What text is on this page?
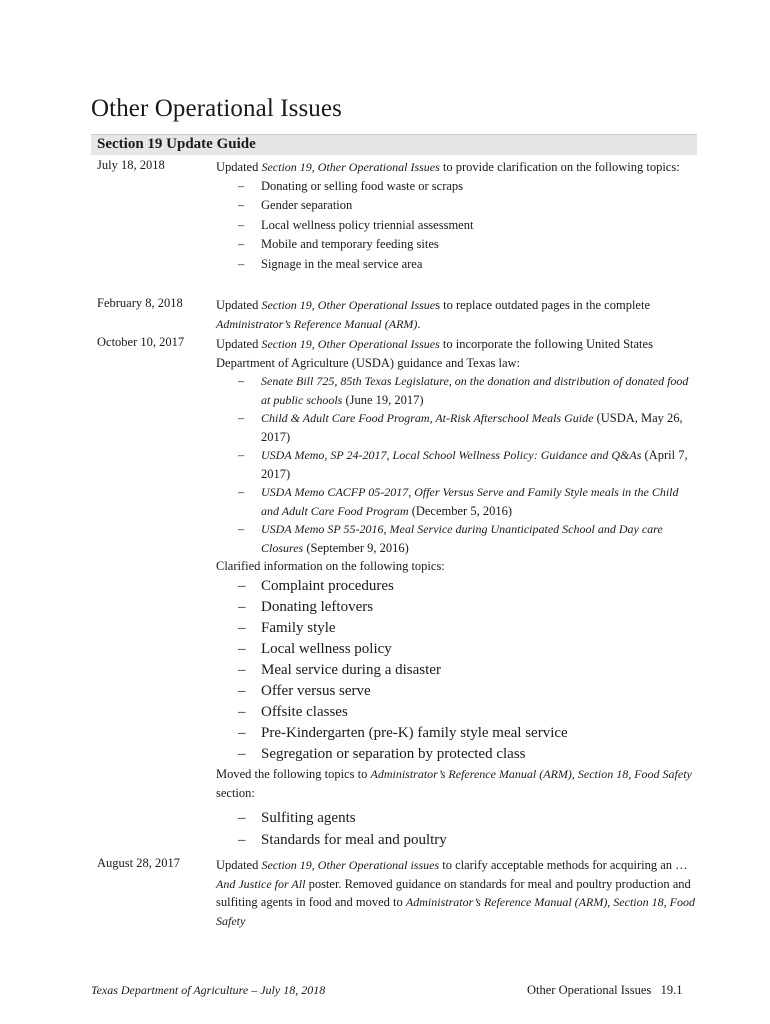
Other Operational Issues
Section 19 Update Guide
July 18, 2018	Updated Section 19, Other Operational Issues to provide clarification on the following topics:

– Donating or selling food waste or scraps
– Gender separation
– Local wellness policy triennial assessment
– Mobile and temporary feeding sites
– Signage in the meal service area
February 8, 2018	Updated Section 19, Other Operational Issues to replace outdated pages in the complete Administrator’s Reference Manual (ARM).

October 10, 2017	Updated Section 19, Other Operational Issues to incorporate the following United States Department of Agriculture (USDA) guidance and Texas law:

– Senate Bill 725, 85th Texas Legislature, on the donation and distribution of donated food at public schools (June 19, 2017)
– Child & Adult Care Food Program, At-Risk Afterschool Meals Guide (USDA, May 26, 2017)
– USDA Memo, SP 24-2017, Local School Wellness Policy: Guidance and Q&As (April 7, 2017)
– USDA Memo CACFP 05-2017, Offer Versus Serve and Family Style meals in the Child and Adult Care Food Program (December 5, 2016)
– USDA Memo SP 55-2016, Meal Service during Unanticipated School and Day care Closures (September 9, 2016)

Clarified information on the following topics:

– Complaint procedures
– Donating leftovers
– Family style
– Local wellness policy
– Meal service during a disaster
– Offer versus serve
– Offsite classes
– Pre-Kindergarten (pre-K) family style meal service
– Segregation or separation by protected class

Moved the following topics to Administrator’s Reference Manual (ARM), Section 18, Food Safety section:

– Sulfiting agents
– Standards for meal and poultry
August 28, 2017	Updated Section 19, Other Operational issues to clarify acceptable methods for acquiring an …And Justice for All poster. Removed guidance on standards for meal and poultry production and sulfiting agents in food and moved to Administrator’s Reference Manual (ARM), Section 18, Food Safety

Texas Department of Agriculture – July 18, 2018	Other Operational Issues   19.1
